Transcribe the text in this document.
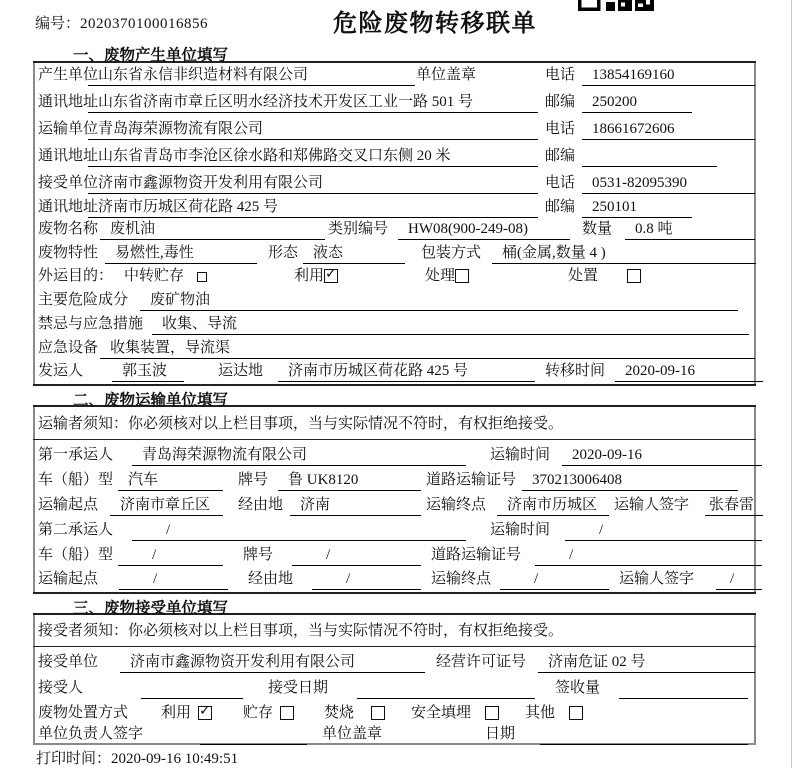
编号：2020370100016856	危险废物转移联单
一、废物产生单位填写
产生单位 山东省永信非织造材料有限公司	单位盖章	电话	13854169160
通讯地址 山东省济南市章丘区明水经济技术开发区工业一路 501 号	邮编	250200
运输单位 青岛海荣源物流有限公司	电话	18661672606
通讯地址 山东省青岛市李沧区徐水路和郑佛路交叉口东侧 20 米	邮编
接受单位 济南市鑫源物资开发利用有限公司	电话	0531-82095390
通讯地址 济南市历城区荷花路 425 号	邮编	250101
废物名称 废机油	类别编号	HW08(900-249-08)	数量	0.8 吨
废物特性	易燃性,毒性	形态 液态	包装方式	桶(金属,数量 4 )
外运目的： 中转贮存	利用 ✓	处理	处置
主要危险成分	废矿物油
禁忌与应急措施	收集、导流
应急设备 收集装置，导流渠
发运人	郭玉波	运达地	济南市历城区荷花路 425 号	转移时间	2020-09-16
二、废物运输单位填写
运输者须知：你必须核对以上栏目事项，当与实际情况不符时，有权拒绝接受。
第一承运人	青岛海荣源物流有限公司	运输时间	2020-09-16
车（船）型 汽车	牌号	鲁 UK8120	道路运输证号	370213006408
运输起点	济南市章丘区	经由地	济南	运输终点	济南市历城区	运输人签字 张春雷
第二承运人	/	运输时间	/
车（船）型	/	牌号	/	道路运输证号	/
运输起点	/	经由地	/	运输终点	/	运输人签字	/
三、废物接受单位填写
接受者须知：你必须核对以上栏目事项，当与实际情况不符时，有权拒绝接受。
接受单位	济南市鑫源物资开发利用有限公司	经营许可证号	济南危证 02 号
接受人	接受日期	签收量
废物处置方式 利用 ✓ 贮存	焚烧	安全填埋	其他
单位负责人签字	单位盖章	日期
打印时间：2020-09-16 10:49:51
